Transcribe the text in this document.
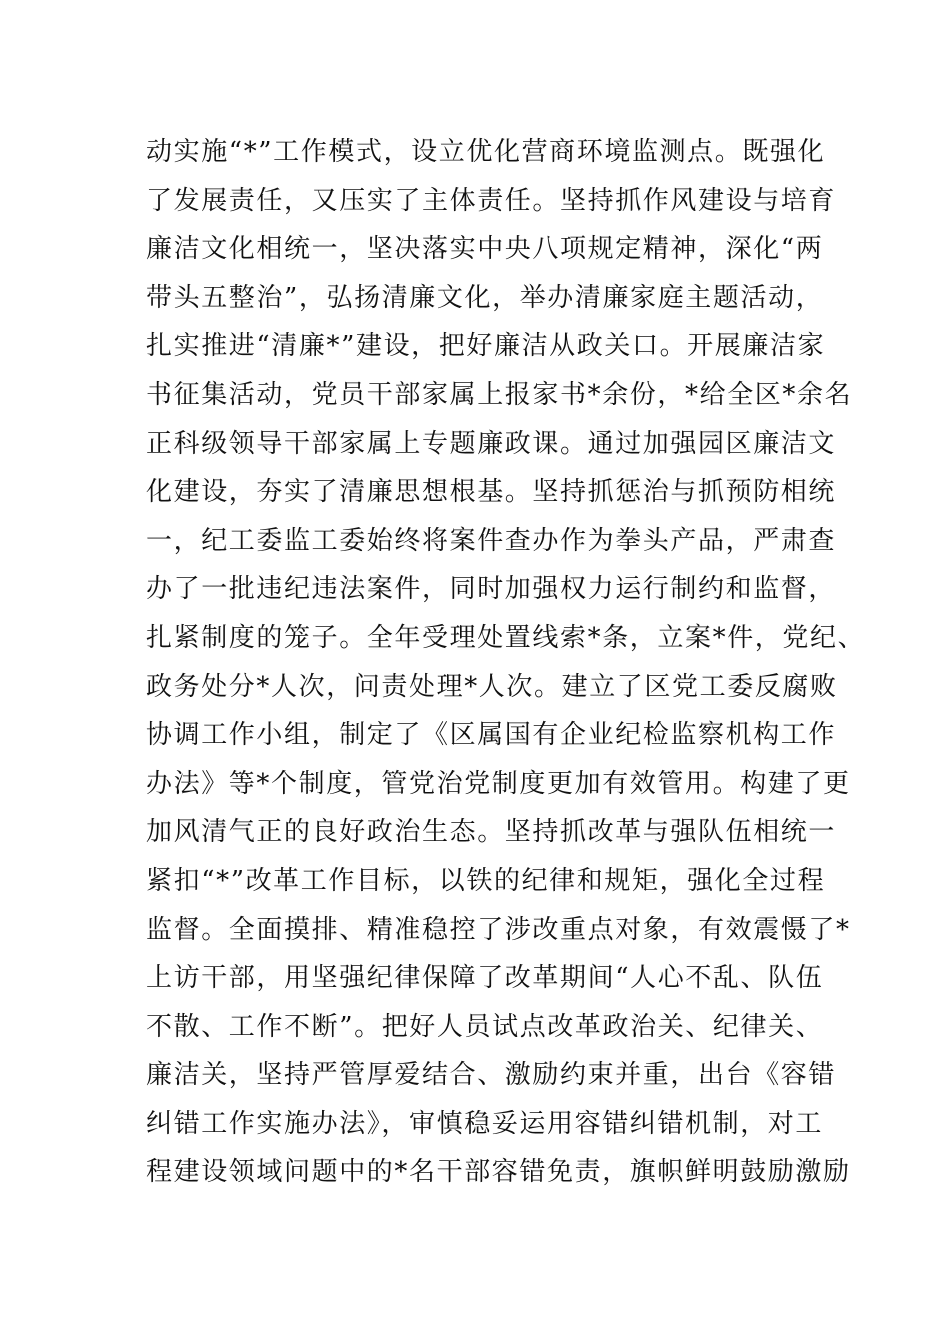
动实施“*”工作模式，设立优化营商环境监测点。既强化
了发展责任，又压实了主体责任。坚持抓作风建设与培育
廉洁文化相统一，坚决落实中央八项规定精神，深化“两
带头五整治”，弘扬清廉文化，举办清廉家庭主题活动，
扎实推进“清廉*”建设，把好廉洁从政关口。开展廉洁家
书征集活动，党员干部家属上报家书*余份，*给全区*余名
正科级领导干部家属上专题廉政课。通过加强园区廉洁文
化建设，夯实了清廉思想根基。坚持抓惩治与抓预防相统
一，纪工委监工委始终将案件查办作为拳头产品，严肃查
办了一批违纪违法案件，同时加强权力运行制约和监督，
扎紧制度的笼子。全年受理处置线索*条，立案*件，党纪、
政务处分*人次，问责处理*人次。建立了区党工委反腐败
协调工作小组，制定了《区属国有企业纪检监察机构工作
办法》等*个制度，管党治党制度更加有效管用。构建了更
加风清气正的良好政治生态。坚持抓改革与强队伍相统一
紧扣“*”改革工作目标，以铁的纪律和规矩，强化全过程
监督。全面摸排、精准稳控了涉改重点对象，有效震慑了*
上访干部，用坚强纪律保障了改革期间“人心不乱、队伍
不散、工作不断”。把好人员试点改革政治关、纪律关、
廉洁关，坚持严管厚爱结合、激励约束并重，出台《容错
纠错工作实施办法》，审慎稳妥运用容错纠错机制，对工
程建设领域问题中的*名干部容错免责，旗帜鲜明鼓励激励
